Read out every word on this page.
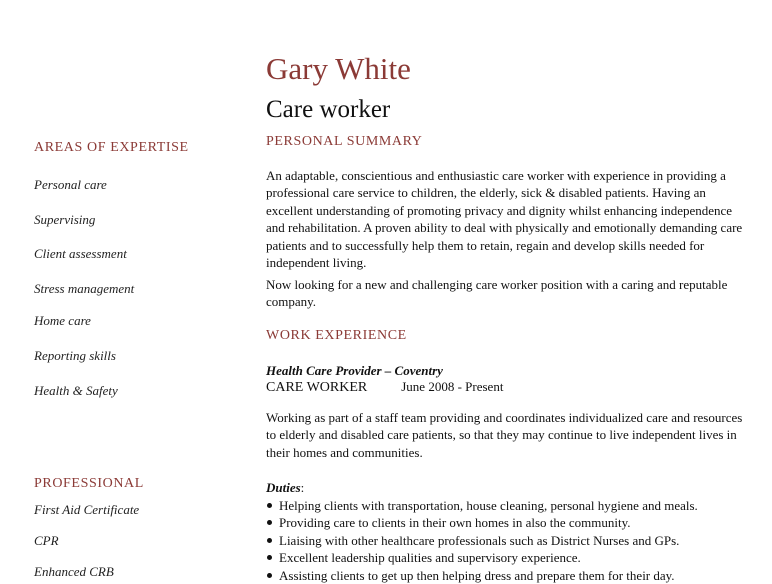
Gary White
Care worker
AREAS OF EXPERTISE
Personal care
Supervising
Client assessment
Stress management
Home care
Reporting skills
Health & Safety
PROFESSIONAL
First Aid Certificate
CPR
Enhanced CRB
PERSONAL SUMMARY

An adaptable, conscientious and enthusiastic care worker with experience in providing a professional care service to children, the elderly, sick & disabled patients. Having an excellent understanding of promoting privacy and dignity whilst enhancing independence and rehabilitation. A proven ability to deal with physically and emotionally demanding care patients and to successfully help them to retain, regain and develop skills needed for independent living.

Now looking for a new and challenging care worker position with a caring and reputable company.

WORK EXPERIENCE
Health Care Provider – Coventry
CARE WORKER	June 2008 - Present

Working as part of a staff team providing and coordinates individualized care and resources to elderly and disabled care patients, so that they may continue to live independent lives in their homes and communities.

Duties:
Helping clients with transportation, house cleaning, personal hygiene and meals.
Providing care to clients in their own homes in also the community.
Liaising with other healthcare professionals such as District Nurses and GPs.
Excellent leadership qualities and supervisory experience.
Assisting clients to get up then helping dress and prepare them for their day.
